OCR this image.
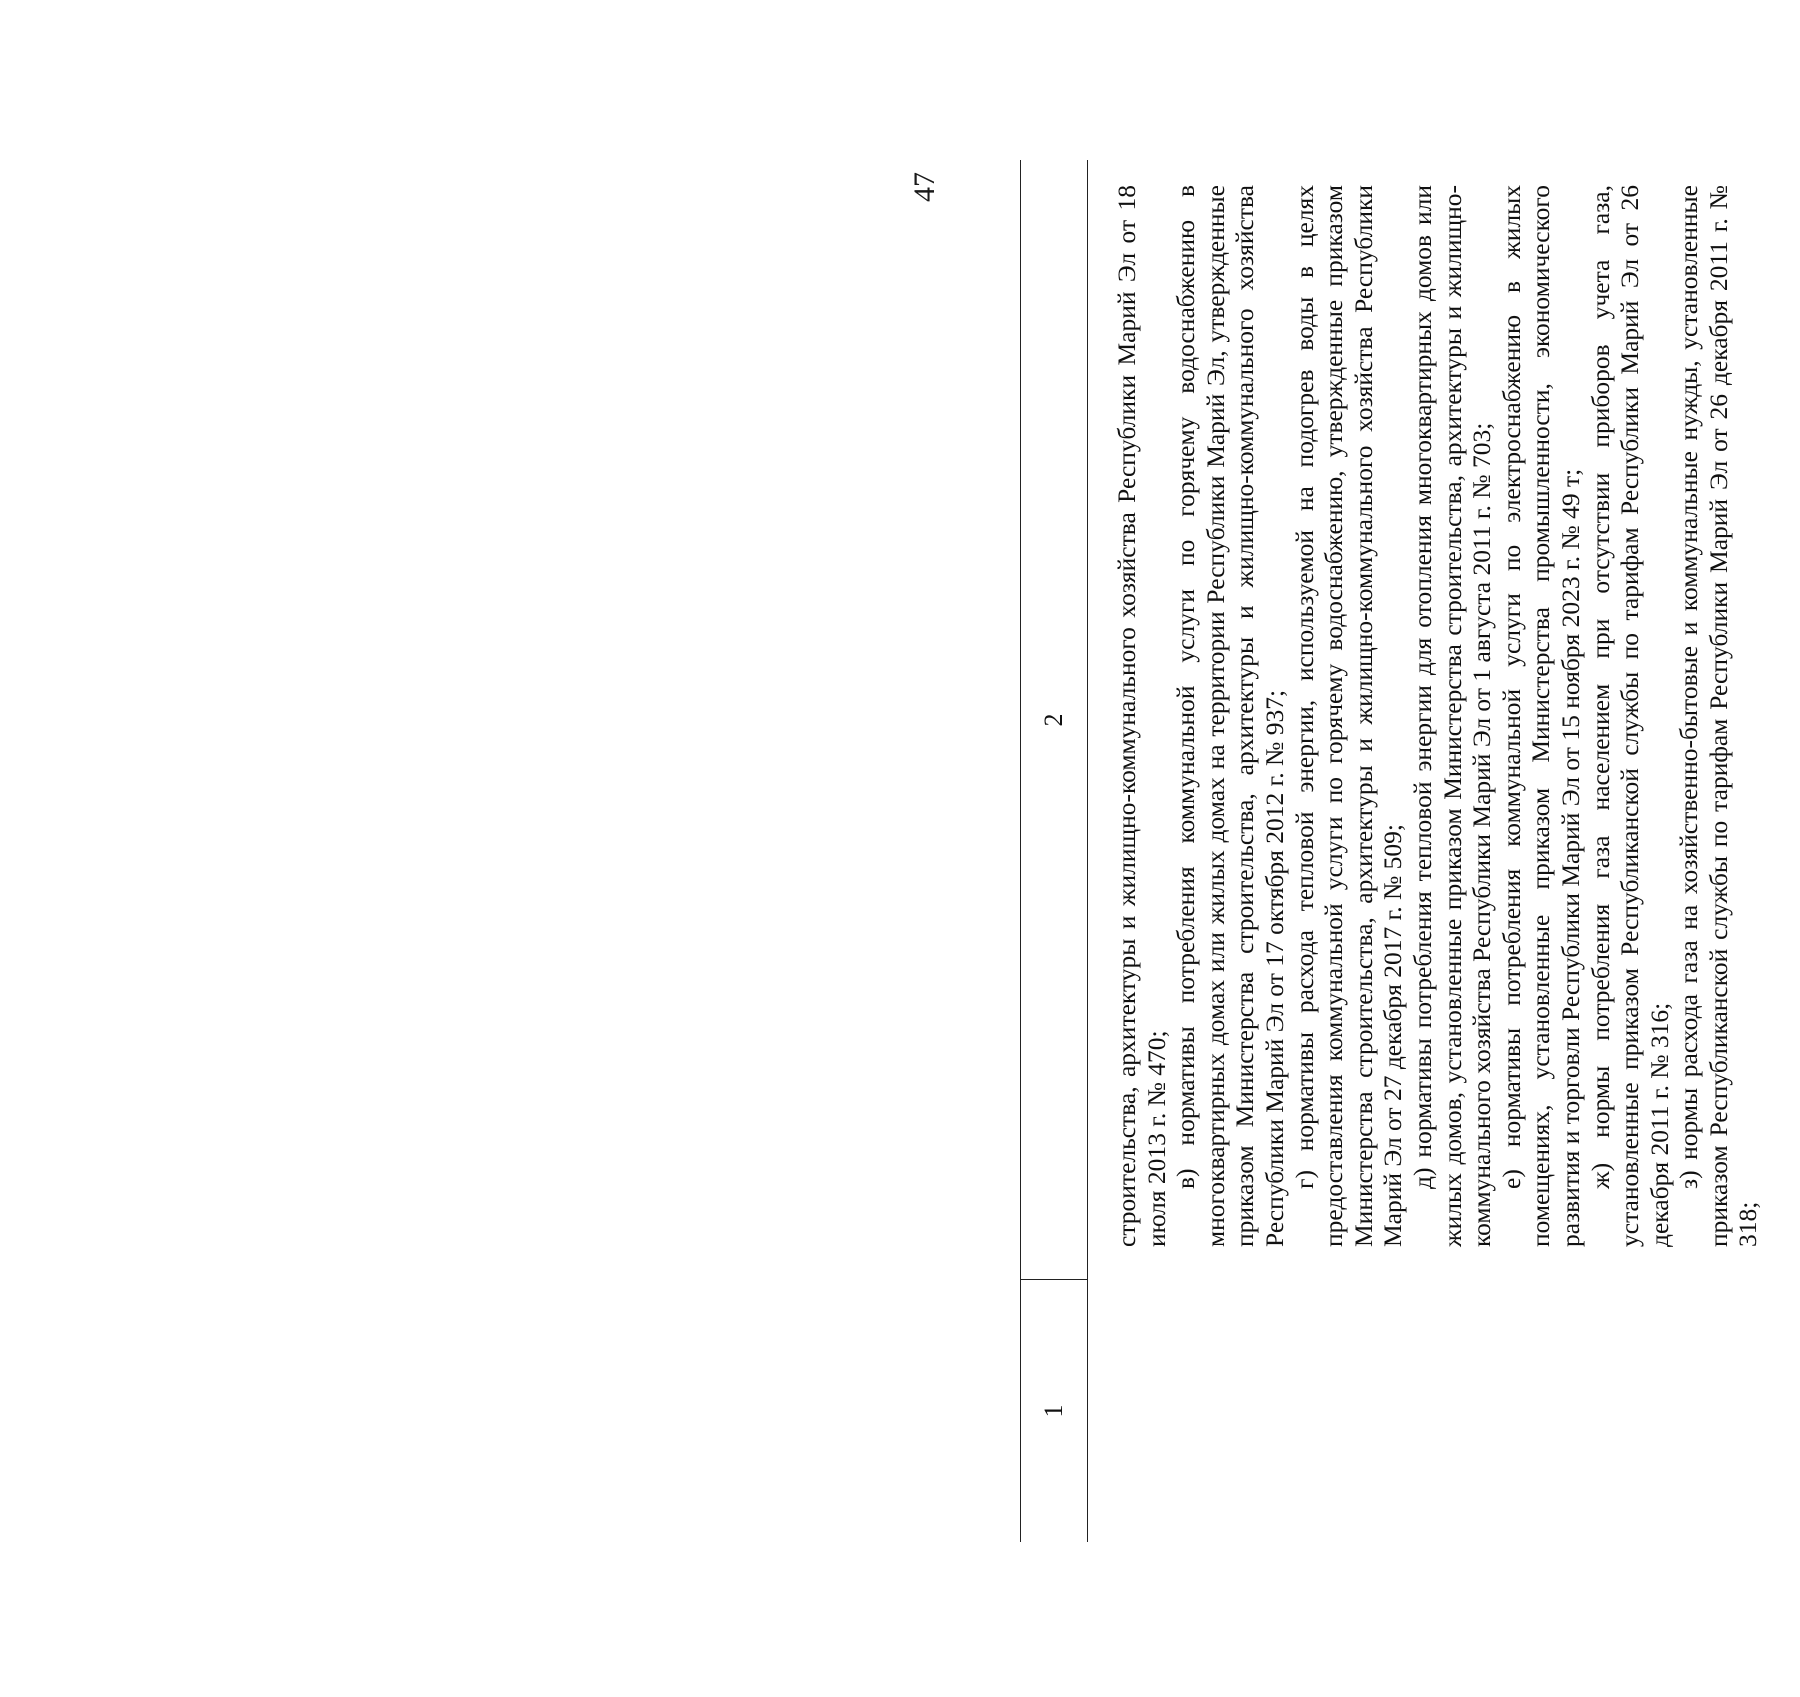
47
1
2	строительства, архитектуры и жилищно-коммунального хозяйства Республики Марий Эл от 18 июля 2013 г. № 470; в) нормативы потребления коммунальной услуги по горячему водоснабжению в многоквартирных домах или жилых домах на территории Республики Марий Эл, утвержденные приказом Министерства строительства, архитектуры и жилищно-коммунального хозяйства Республики Марий Эл от 17 октября 2012 г. № 937; г) нормативы расхода тепловой энергии, используемой на подогрев воды в целях предоставления коммунальной услуги по горячему водоснабжению, утвержденные приказом Министерства строительства, архитектуры и жилищно-коммунального хозяйства Республики Марий Эл от 27 декабря 2017 г. № 509; д) нормативы потребления тепловой энергии для отопления многоквартирных домов или жилых домов, установленные приказом Министерства строительства, архитектуры и жилищно-коммунального хозяйства Республики Марий Эл от 1 августа 2011 г. № 703; е) нормативы потребления коммунальной услуги по электроснабжению в жилых помещениях, установленные приказом Министерства промышленности, экономического развития и торговли Республики Марий Эл от 15 ноября 2023 г. № 49 т; ж) нормы потребления газа населением при отсутствии приборов учета газа, установленные приказом Республиканской службы по тарифам Республики Марий Эл от 26 декабря 2011 г. № 316; з) нормы расхода газа на хозяйственно-бытовые и коммунальные нужды, установленные приказом Республиканской службы по тарифам Республики Марий Эл от 26 декабря 2011 г. № 318;
